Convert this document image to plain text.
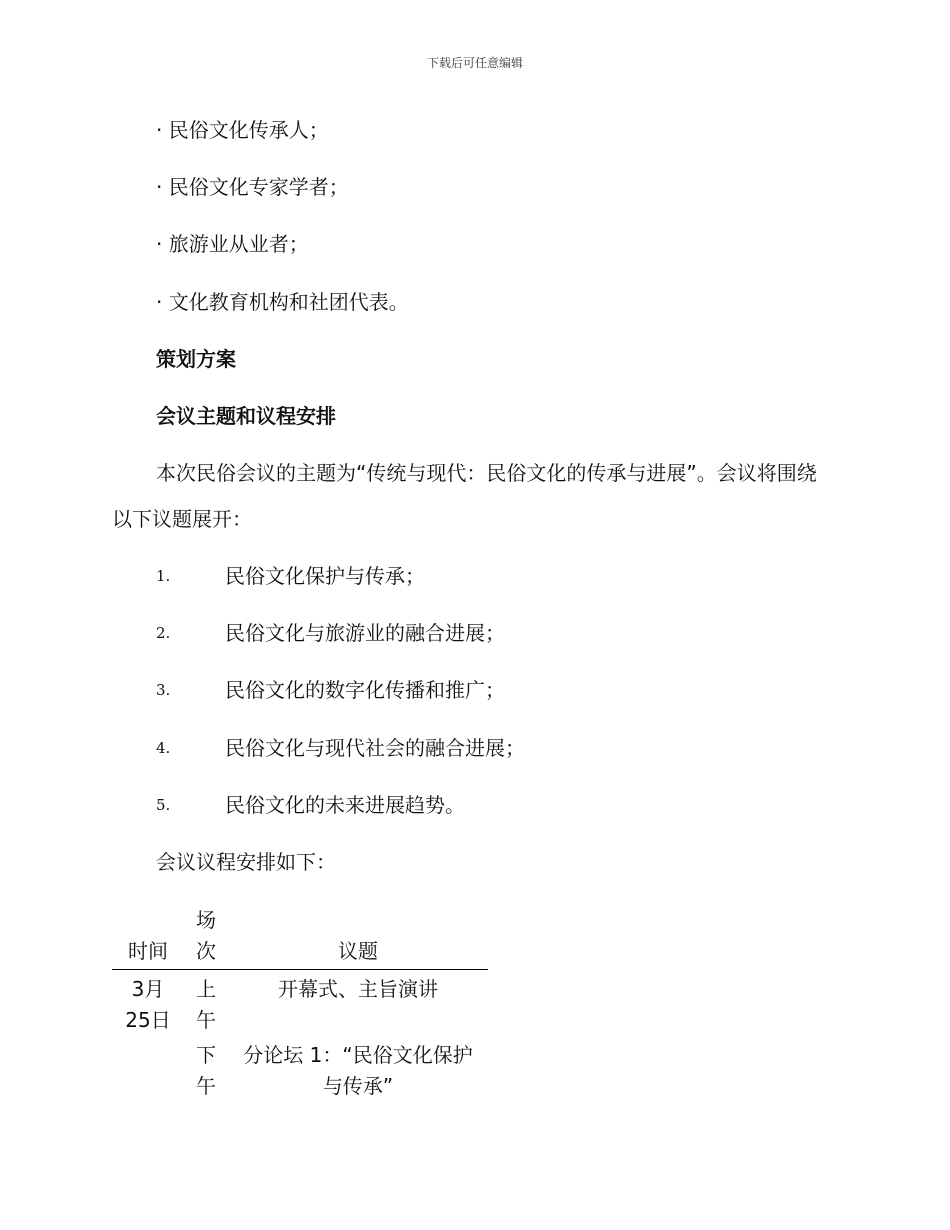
下载后可任意编辑
· 民俗文化传承人；
· 民俗文化专家学者；
· 旅游业从业者；
· 文化教育机构和社团代表。
策划方案
会议主题和议程安排
本次民俗会议的主题为“传统与现代：民俗文化的传承与进展”。会议将围绕以下议题展开：
1.	民俗文化保护与传承；
2.	民俗文化与旅游业的融合进展；
3.	民俗文化的数字化传播和推广；
4.	民俗文化与现代社会的融合进展；
5.	民俗文化的未来进展趋势。
会议议程安排如下：
时间	场次	议题
3月 25日	上午	开幕式、主旨演讲
	下午	分论坛 1：“民俗文化保护与传承”
